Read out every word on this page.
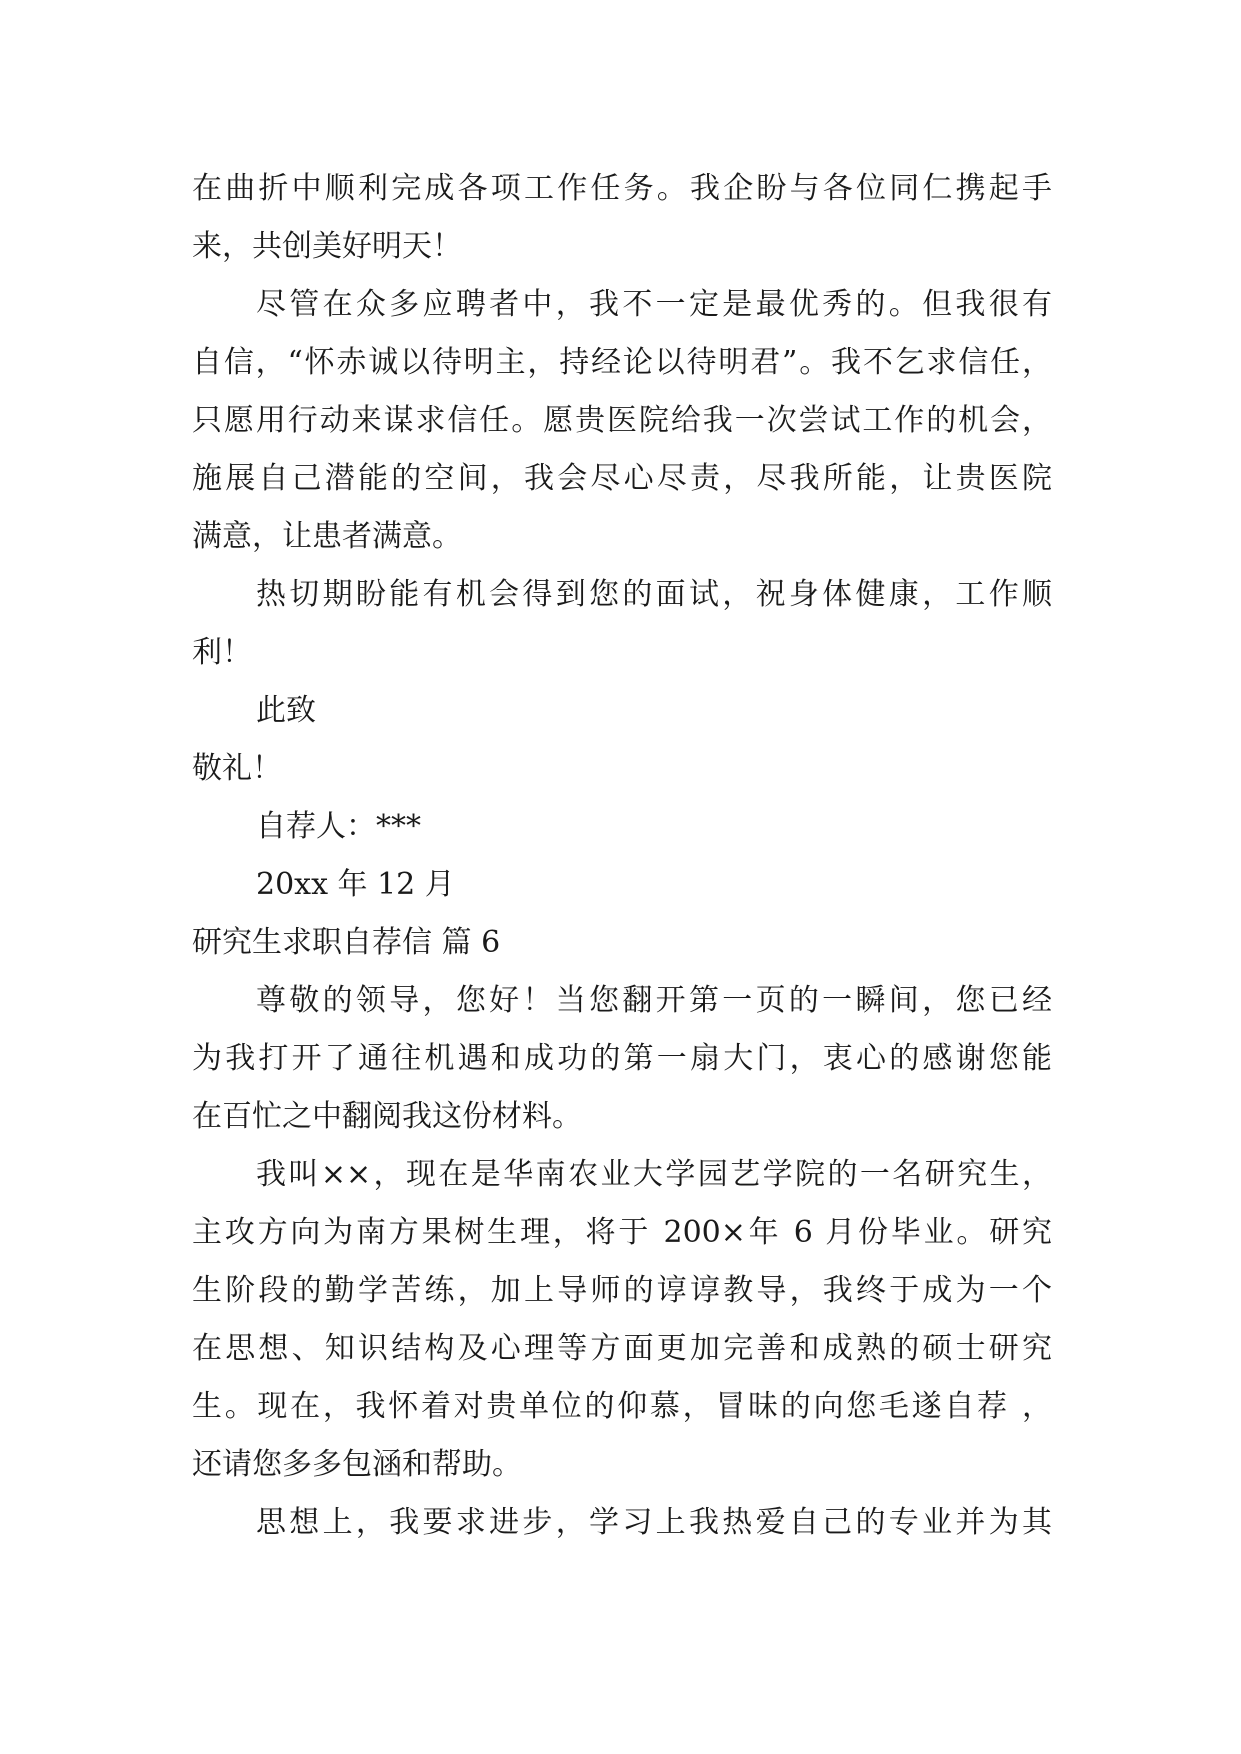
在曲折中顺利完成各项工作任务。我企盼与各位同仁携起手
来，共创美好明天！
尽管在众多应聘者中，我不一定是最优秀的。但我很有
自信，“怀赤诚以待明主，持经论以待明君”。我不乞求信任，
只愿用行动来谋求信任。愿贵医院给我一次尝试工作的机会，
施展自己潜能的空间，我会尽心尽责，尽我所能，让贵医院
满意，让患者满意。
热切期盼能有机会得到您的面试，祝身体健康，工作顺
利！
此致
敬礼！
自荐人：***
20xx 年 12 月
研究生求职自荐信 篇 6
尊敬的领导，您好！当您翻开第一页的一瞬间，您已经
为我打开了通往机遇和成功的第一扇大门，衷心的感谢您能
在百忙之中翻阅我这份材料。
我叫××，现在是华南农业大学园艺学院的一名研究生，
主攻方向为南方果树生理，将于 200×年 6 月份毕业。研究
生阶段的勤学苦练，加上导师的谆谆教导，我终于成为一个
在思想、知识结构及心理等方面更加完善和成熟的硕士研究
生。现在，我怀着对贵单位的仰慕，冒昧的向您毛遂自荐 ，
还请您多多包涵和帮助。
思想上，我要求进步，学习上我热爱自己的专业并为其
